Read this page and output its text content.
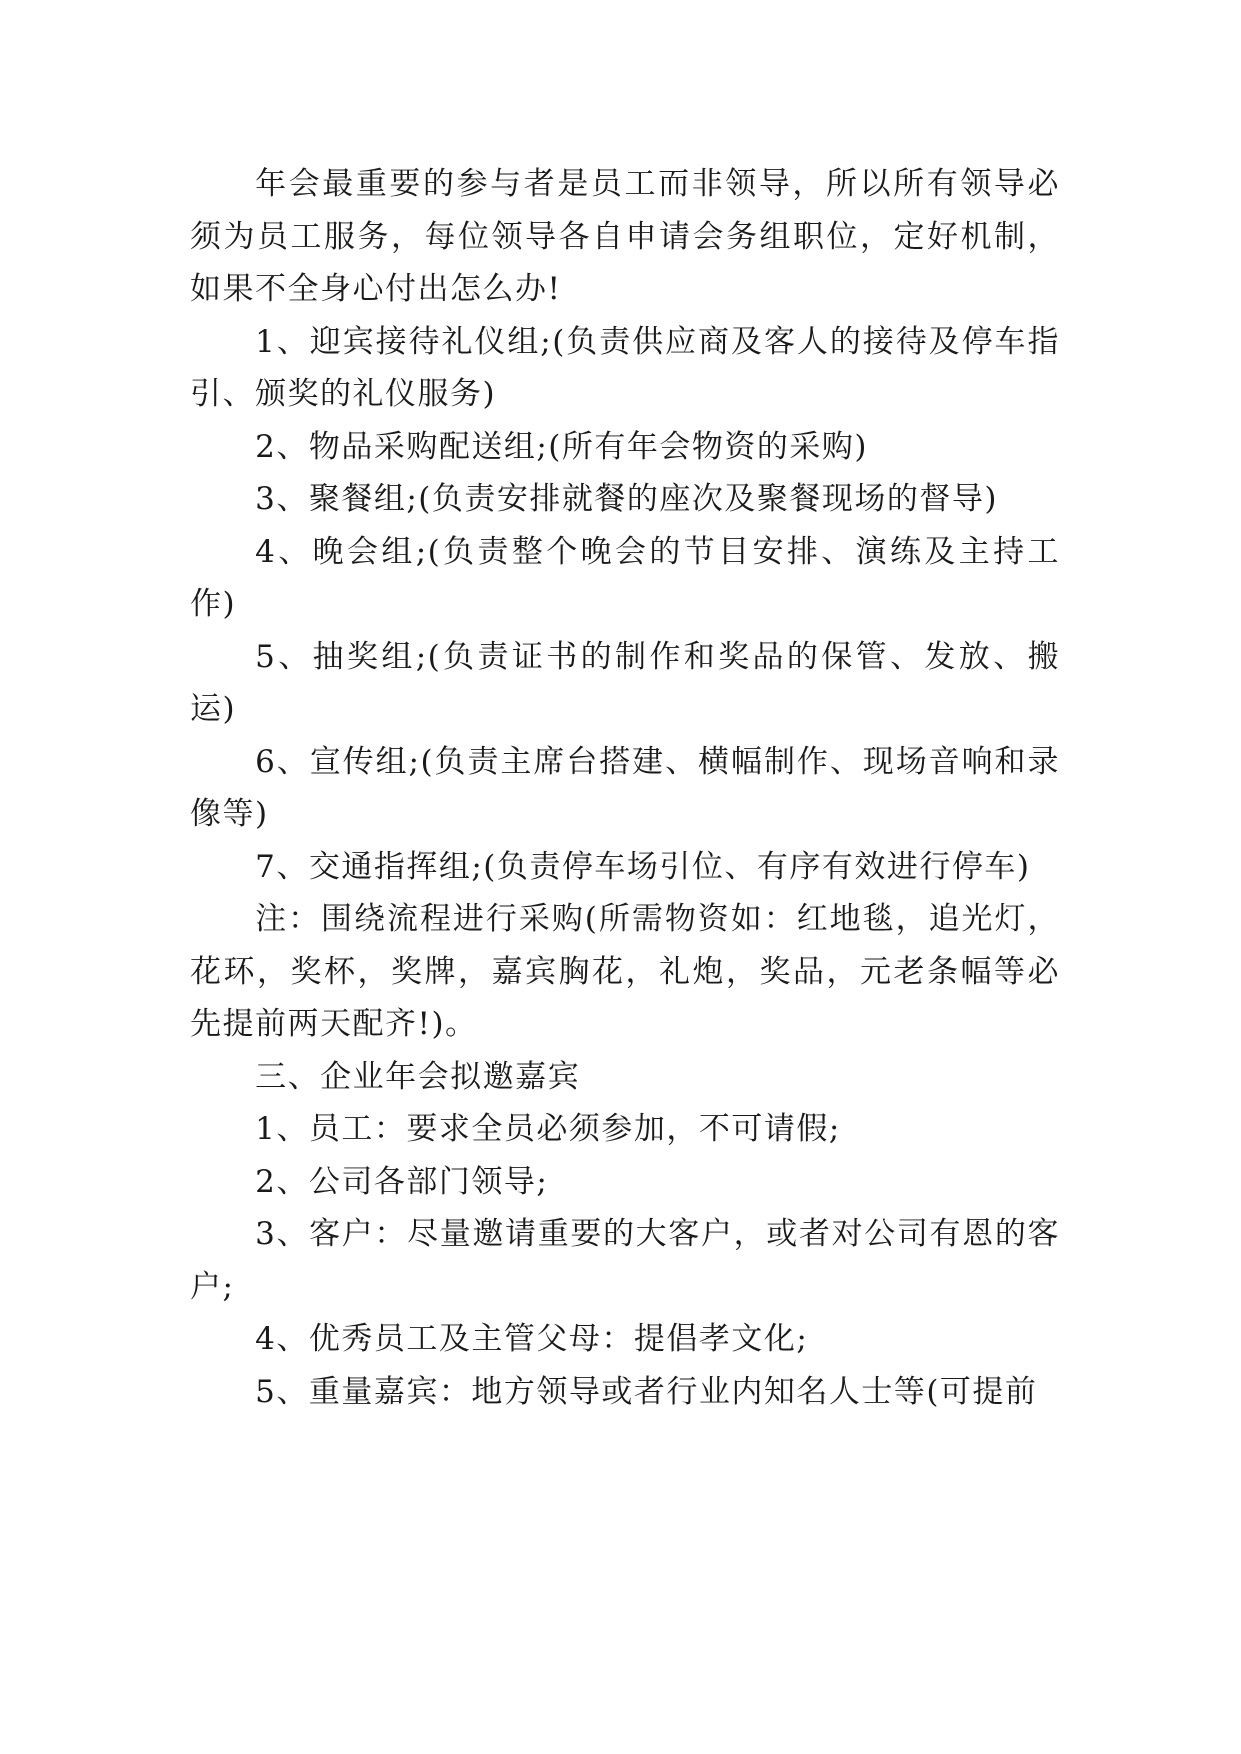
年会最重要的参与者是员工而非领导，所以所有领导必须为员工服务，每位领导各自申请会务组职位，定好机制，如果不全身心付出怎么办!

1、迎宾接待礼仪组;(负责供应商及客人的接待及停车指引、颁奖的礼仪服务)

2、物品采购配送组;(所有年会物资的采购)

3、聚餐组;(负责安排就餐的座次及聚餐现场的督导)

4、晚会组;(负责整个晚会的节目安排、演练及主持工作)

5、抽奖组;(负责证书的制作和奖品的保管、发放、搬运)

6、宣传组;(负责主席台搭建、横幅制作、现场音响和录像等)

7、交通指挥组;(负责停车场引位、有序有效进行停车)

注：围绕流程进行采购(所需物资如：红地毯，追光灯，花环，奖杯，奖牌，嘉宾胸花，礼炮，奖品，元老条幅等必先提前两天配齐!)。

三、企业年会拟邀嘉宾

1、员工：要求全员必须参加，不可请假;

2、公司各部门领导;

3、客户：尽量邀请重要的大客户，或者对公司有恩的客户;

4、优秀员工及主管父母：提倡孝文化;

5、重量嘉宾：地方领导或者行业内知名人士等(可提前
